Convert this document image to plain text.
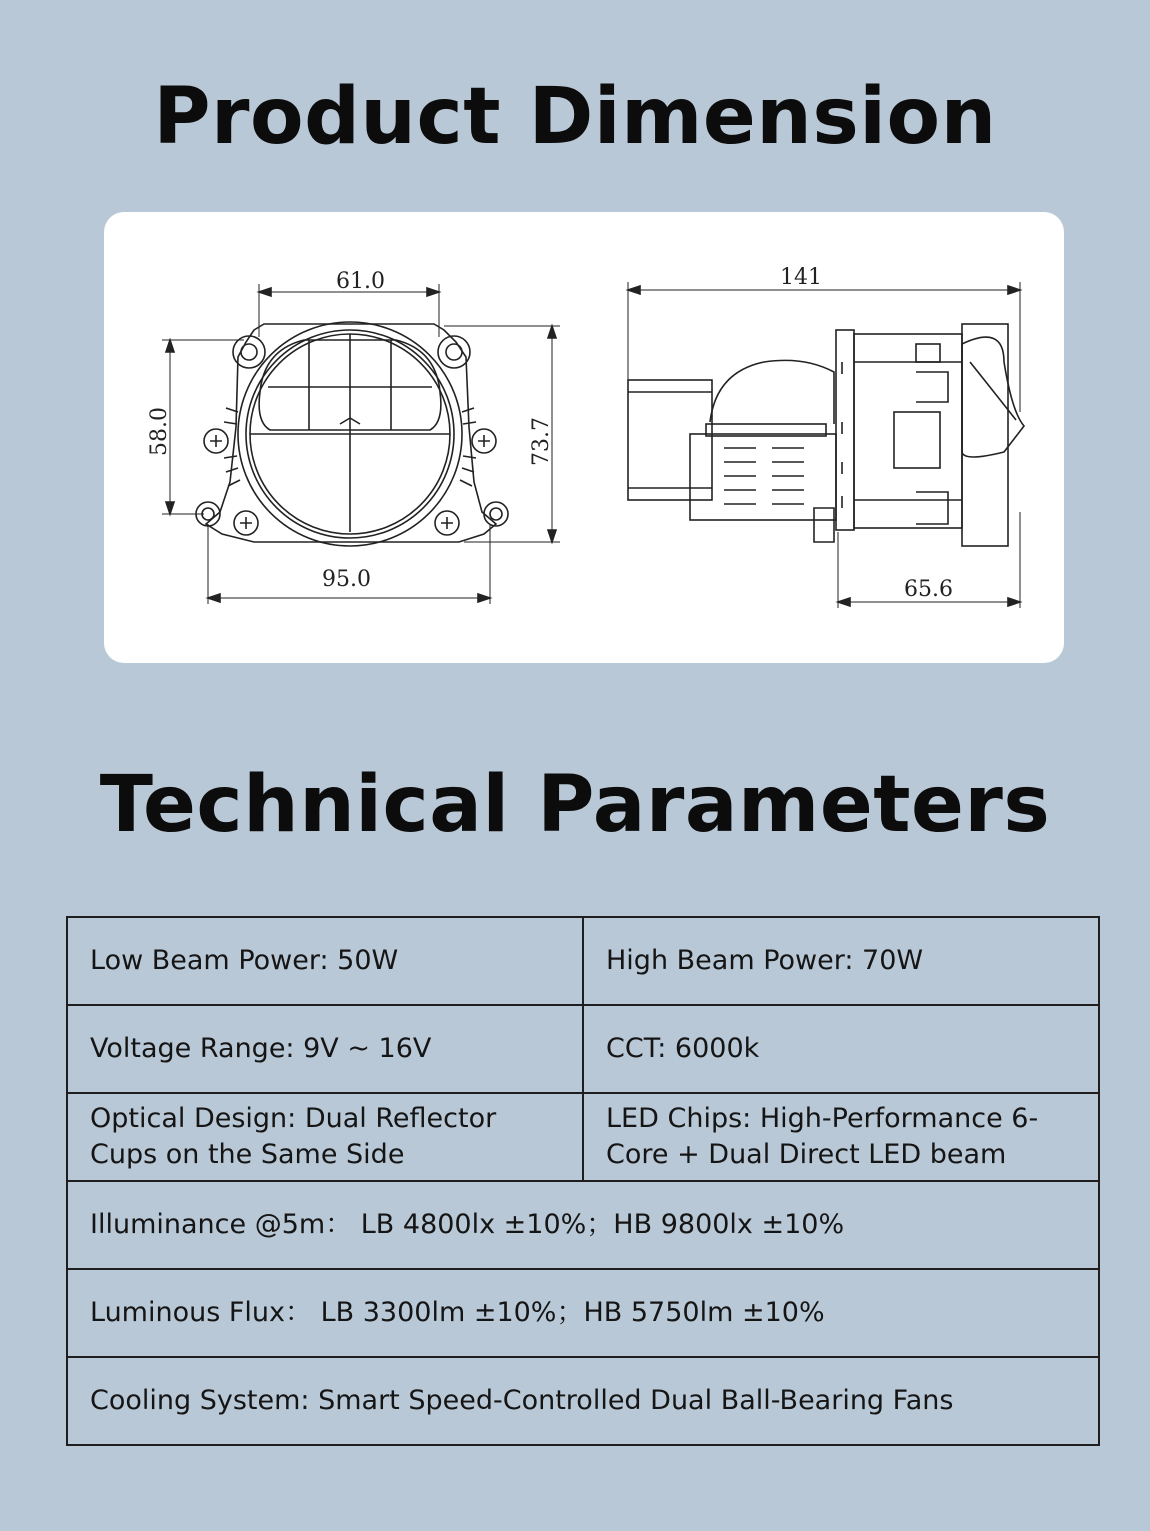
Product Dimension
61.0
58.0	73.7
95.0
141
65.6
Technical Parameters
Low Beam Power: 50W	High Beam Power: 70W
Voltage Range: 9V ~ 16V	CCT: 6000k
Optical Design: Dual Reflector Cups on the Same Side	LED Chips: High-Performance 6-Core + Dual Direct LED beam
Illuminance @5m： LB 4800lx ±10%；HB 9800lx ±10%	
Luminous Flux： LB 3300lm ±10%；HB 5750lm ±10%	
Cooling System: Smart Speed-Controlled Dual Ball-Bearing Fans	
